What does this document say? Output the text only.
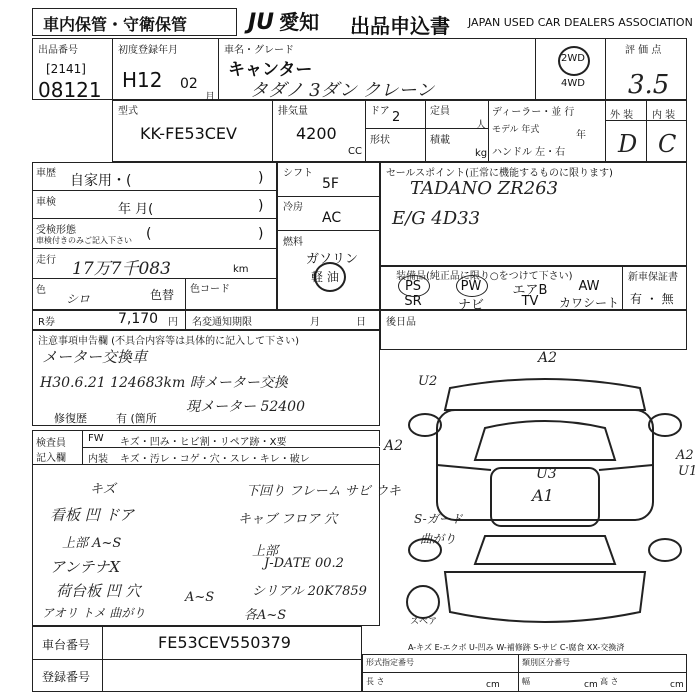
車内保管・守衛保管	JU 愛知 出品申込書 JAPAN USED CAR DEALERS ASSOCIATION
出品番号
[2141]
08121
初度登録年月
H12 02
月
車名・グレード
キャンター
タダノ 3ダン クレーン
2WD
4WD
評 価 点
3.5
型式
KK-FE53CEV
排気量
4200
CC
ドア 2
形状
定員
人
積載
kg
ディーラー・並 行
モデル 年式	年
ハンドル 左・右
外 装 内 装
D C
車歴 自家用・(	)
車検	年 月(	)
受検形態
車検付きのみご記入下さい (	)
走行 17万7千083	km
色
シロ	色替 色コード
シフト
5F
冷房
AC
燃料
ガソリン
軽 油
セールスポイント(正常に機能するものに限ります)
TADANO ZR263
E/G 4D33
装備品(純正品に限り○をつけて下さい)
PS	PW	エアB	AW
SR	ナビ	TV	カワシート
新車保証書
有 ・ 無
R券	7,170 円 名変通知期限	月	日 後日品
注意事項申告欄 (不具合内容等は具体的に記入して下さい)
メーター交換車
H30.6.21 124683km 時メーター交換
現メーター 52400
修復歴	有 (箇所
検査員
記入欄
FW キズ・凹み・ヒビ割・リペア跡・X要
内装 キズ・汚レ・コゲ・穴・スレ・キレ・破レ
キズ
看板 凹 ドア
上部 A~S
アンテナX
荷台板 凹 穴
アオリ トメ 曲がり
下回り フレーム サビ ウキ
キャブ フロア 穴
上部
J-DATE 00.2
シリアル 20K7859
各A~S
A~S
A2
U2
A2
U3
A1
A2
U1
S-ガード
曲がり
スペア
A-キズ E-エクボ U-凹み W-補修跡 S-サビ C-腐食 XX-交換済
車台番号	FE53CEV550379
登録番号
形式指定番号	類別区分番号
長 さ	cm	幅	cm 高 さ	cm
